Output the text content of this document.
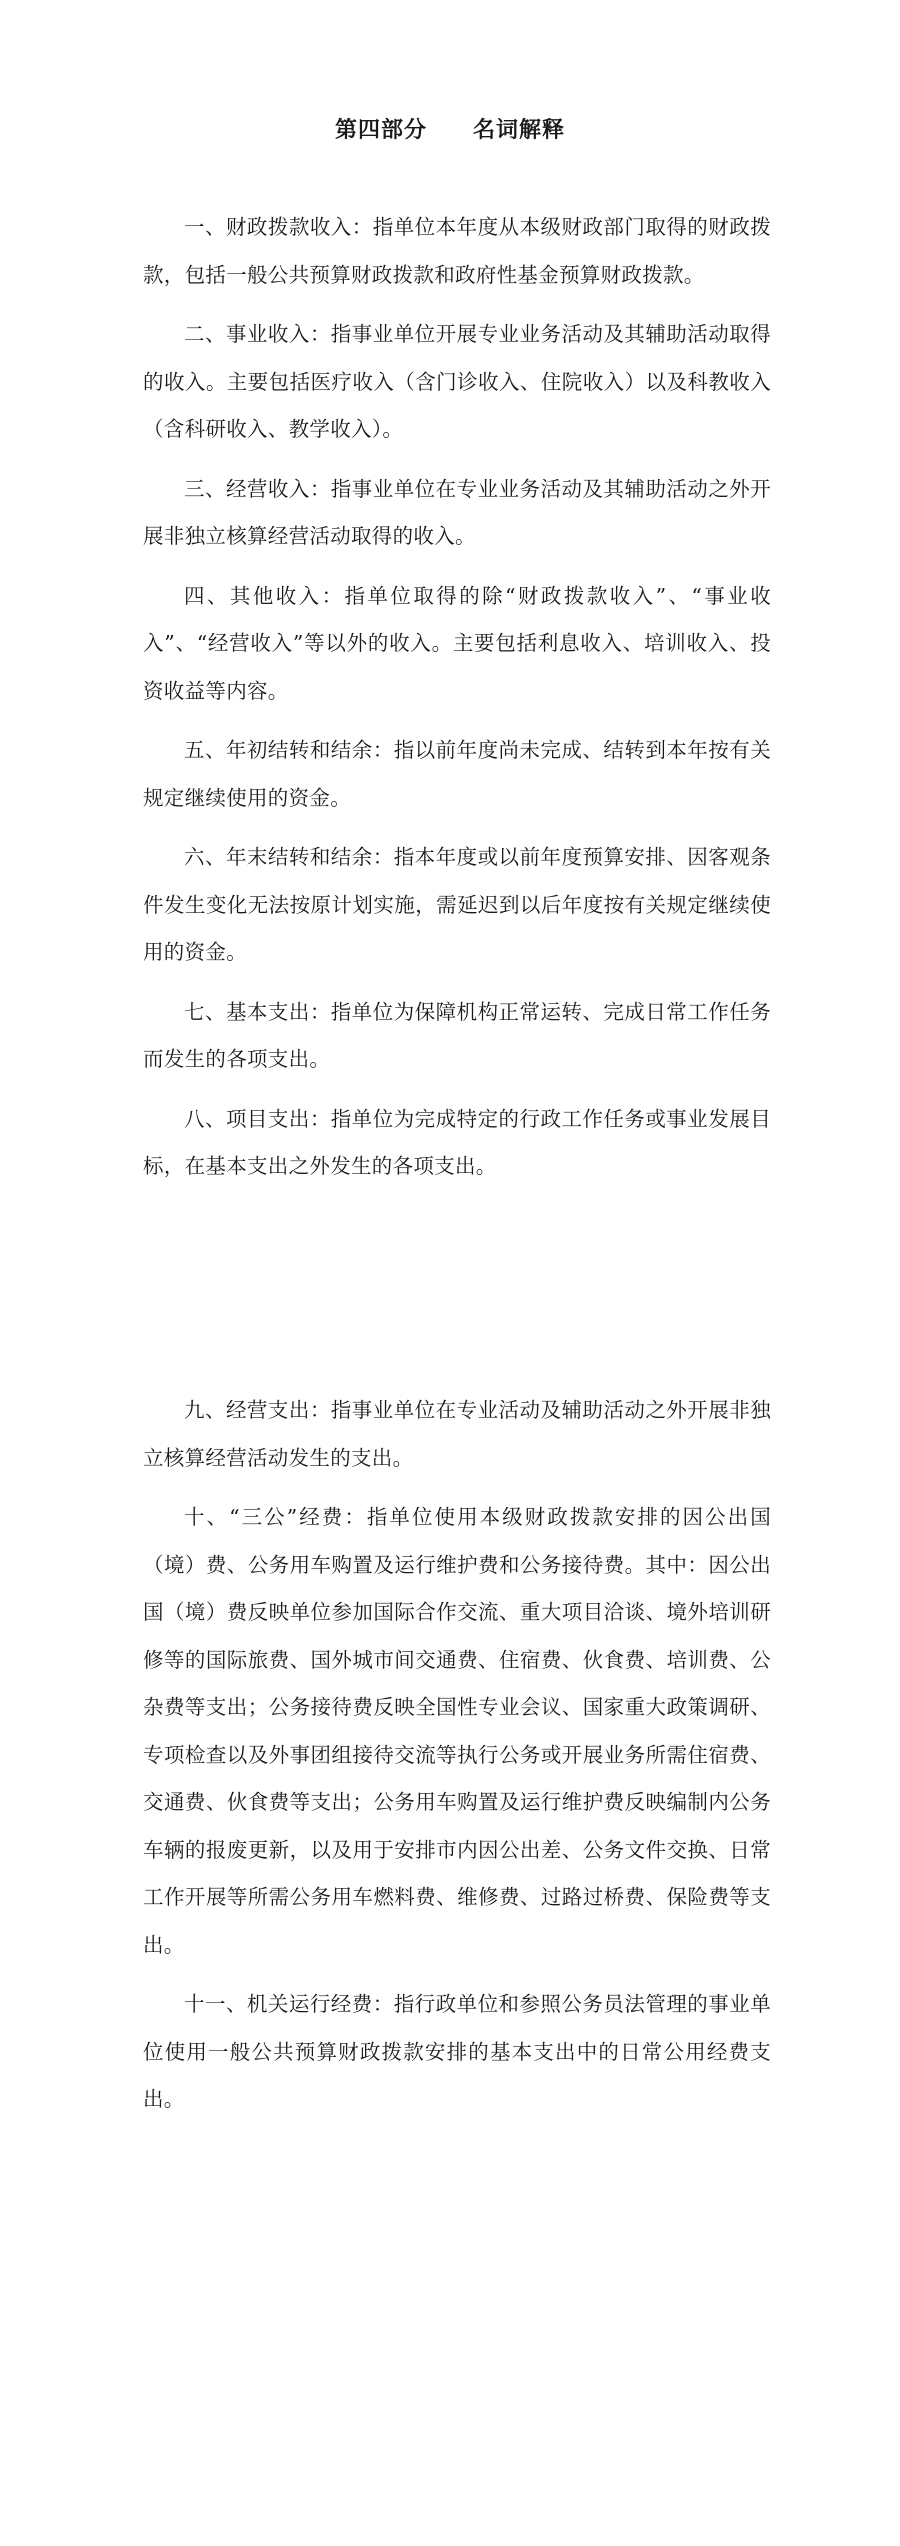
第四部分　　名词解释

一、财政拨款收入：指单位本年度从本级财政部门取得的财政拨款，包括一般公共预算财政拨款和政府性基金预算财政拨款。

二、事业收入：指事业单位开展专业业务活动及其辅助活动取得的收入。主要包括医疗收入（含门诊收入、住院收入）以及科教收入（含科研收入、教学收入）。

三、经营收入：指事业单位在专业业务活动及其辅助活动之外开展非独立核算经营活动取得的收入。

四、其他收入：指单位取得的除“财政拨款收入”、“事业收入”、“经营收入”等以外的收入。主要包括利息收入、培训收入、投资收益等内容。

五、年初结转和结余：指以前年度尚未完成、结转到本年按有关规定继续使用的资金。

六、年末结转和结余：指本年度或以前年度预算安排、因客观条件发生变化无法按原计划实施，需延迟到以后年度按有关规定继续使用的资金。

七、基本支出：指单位为保障机构正常运转、完成日常工作任务而发生的各项支出。

八、项目支出：指单位为完成特定的行政工作任务或事业发展目标，在基本支出之外发生的各项支出。

九、经营支出：指事业单位在专业活动及辅助活动之外开展非独立核算经营活动发生的支出。

十、“三公”经费：指单位使用本级财政拨款安排的因公出国（境）费、公务用车购置及运行维护费和公务接待费。其中：因公出国（境）费反映单位参加国际合作交流、重大项目洽谈、境外培训研修等的国际旅费、国外城市间交通费、住宿费、伙食费、培训费、公杂费等支出；公务接待费反映全国性专业会议、国家重大政策调研、专项检查以及外事团组接待交流等执行公务或开展业务所需住宿费、交通费、伙食费等支出；公务用车购置及运行维护费反映编制内公务车辆的报废更新，以及用于安排市内因公出差、公务文件交换、日常工作开展等所需公务用车燃料费、维修费、过路过桥费、保险费等支出。

十一、机关运行经费：指行政单位和参照公务员法管理的事业单位使用一般公共预算财政拨款安排的基本支出中的日常公用经费支出。
